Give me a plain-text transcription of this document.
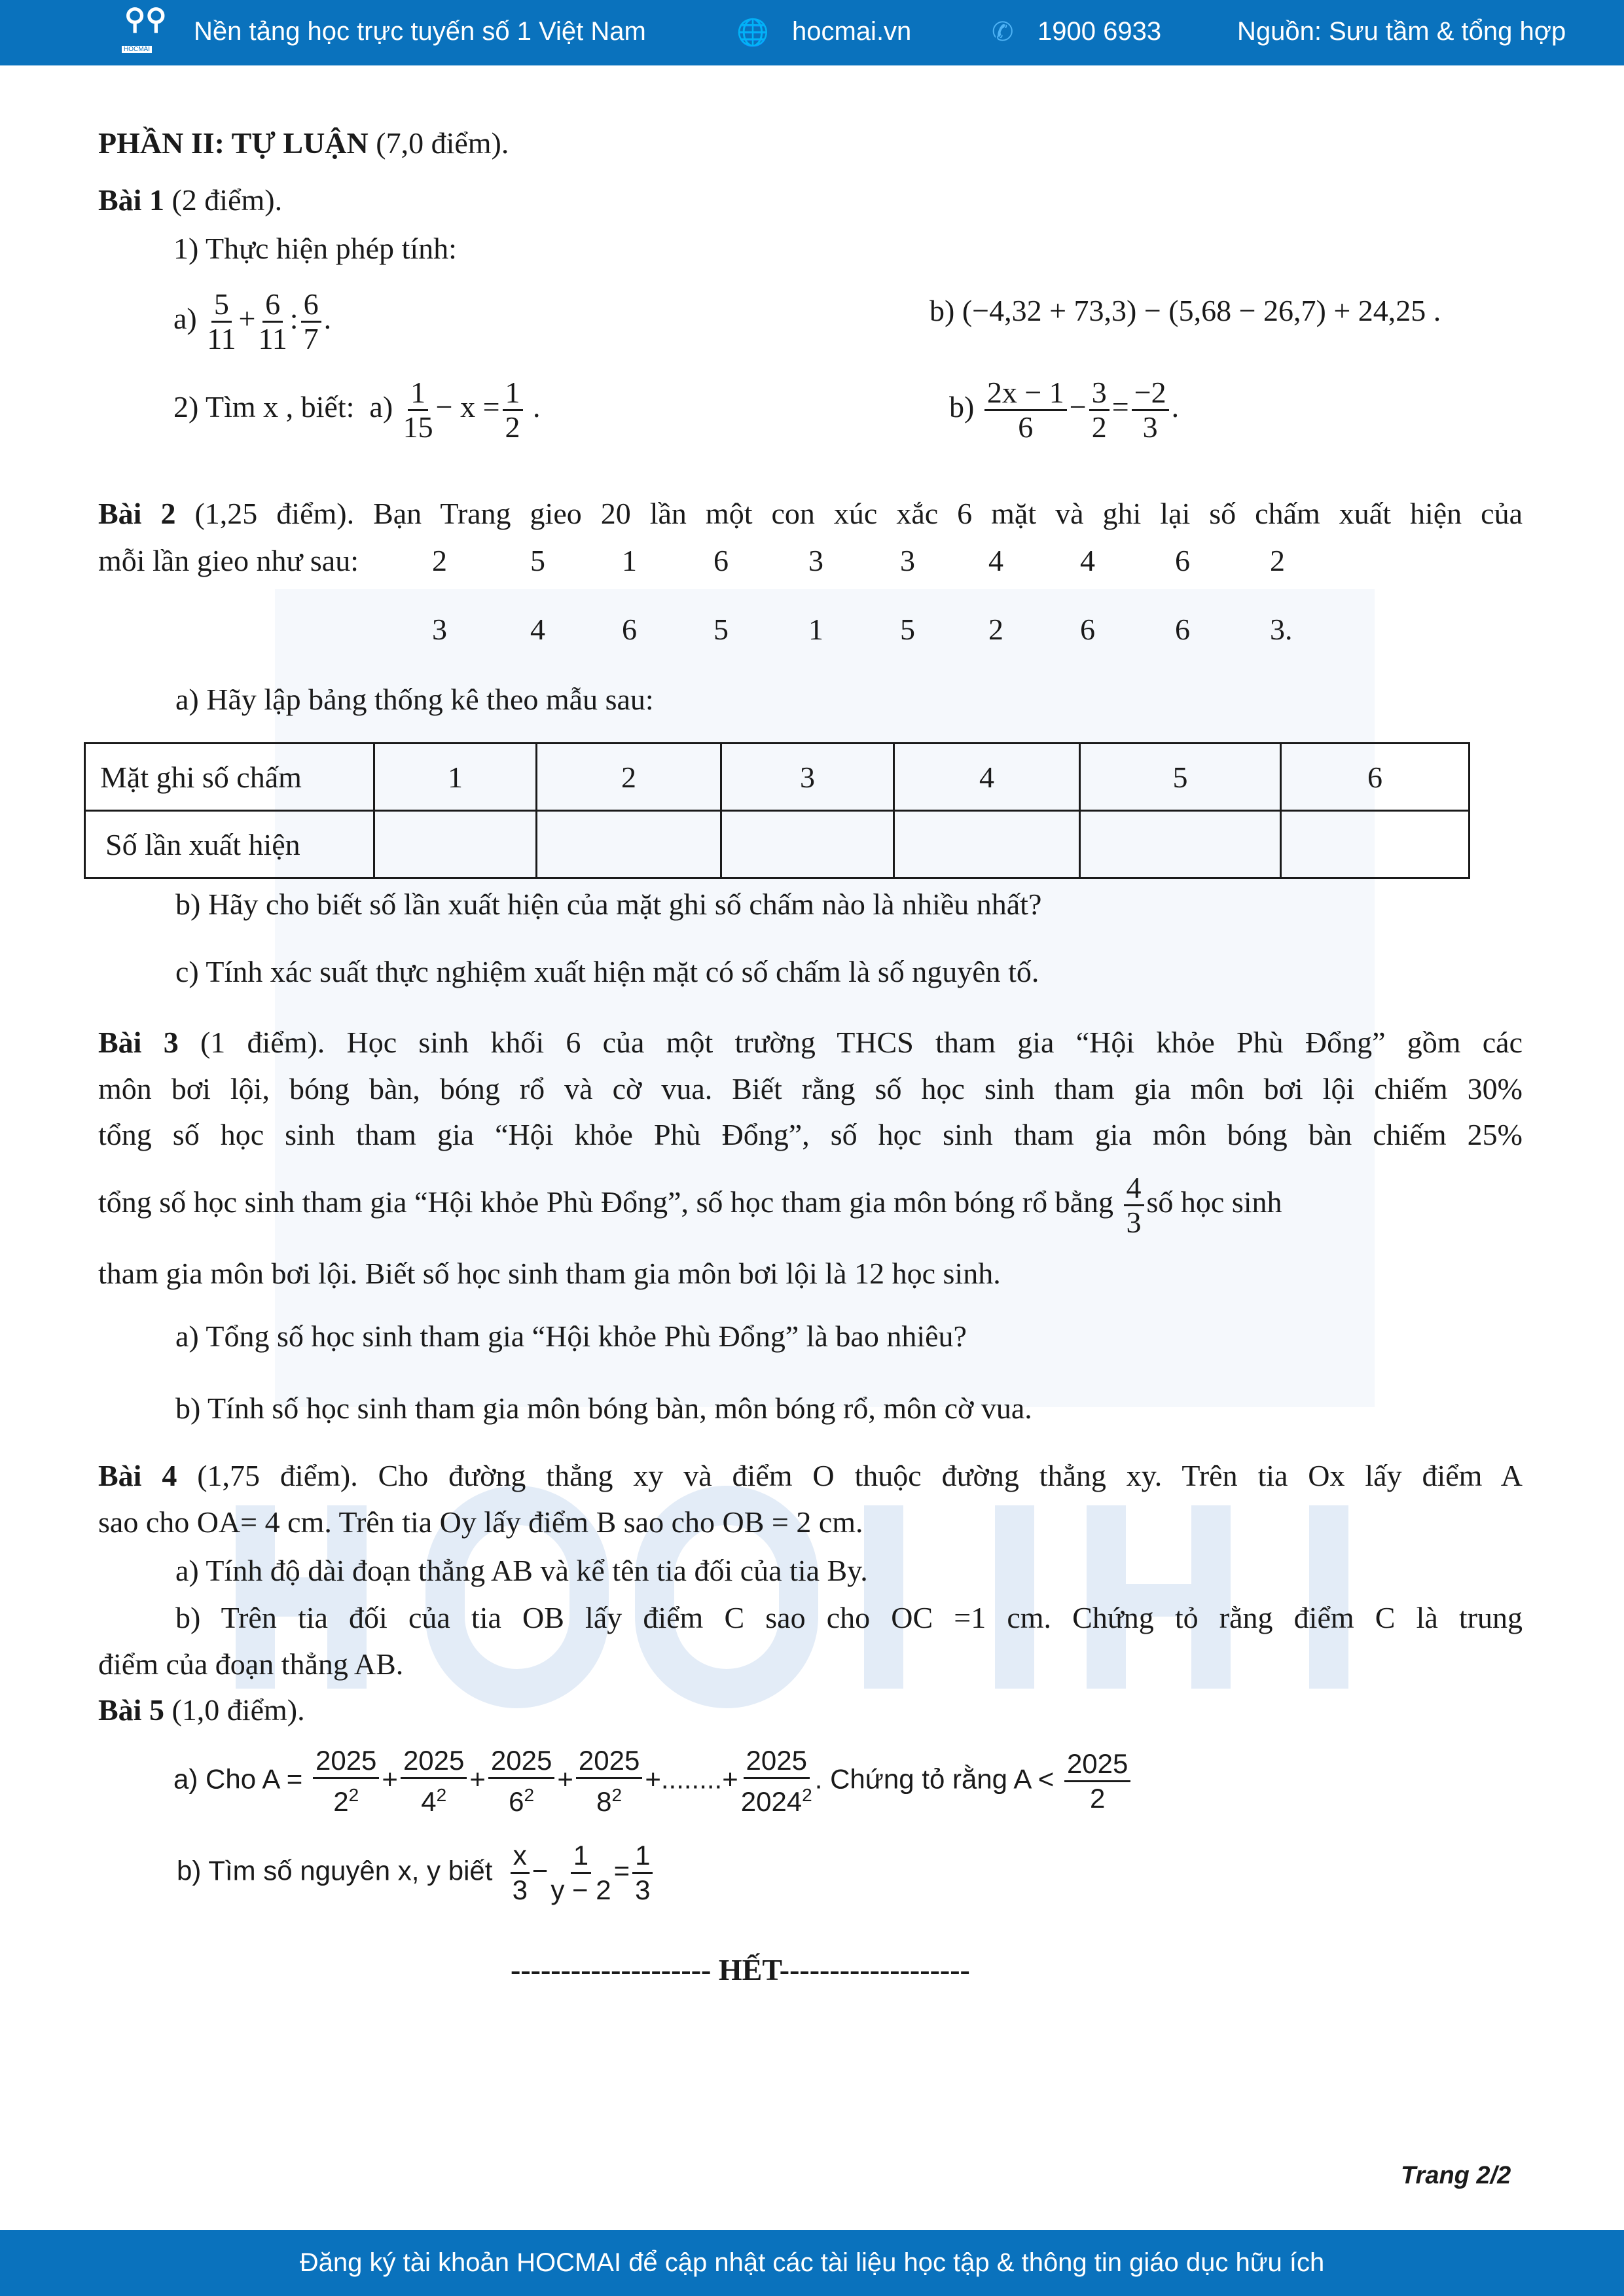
⚲⚲
HOCMAI
Nền tảng học trực tuyến số 1 Việt Nam	🌐 hocmai.vn	✆ 1900 6933	Nguồn: Sưu tầm & tổng hợp
PHẦN II: TỰ LUẬN (7,0 điểm).
Bài 1 (2 điểm).
1) Thực hiện phép tính:
$a) \frac{5}{11} + \frac{6}{11}$ : $\frac{6}{7}$ .	b) (−4,32 + 73,3) − (5,68 − 26,7) + 24,25 .
2) Tìm x , biết: $a) \frac{1}{15} - x = \frac{1}{2}$ .	$b) \frac{2x - 1}{6} - \frac{3}{2} = \frac{-2}{3}$ .
Bài 2 (1,25 điểm). Bạn Trang gieo 20 lần một con xúc xắc 6 mặt và ghi lại số chấm xuất hiện của
mỗi lần gieo như sau: 2	5	1	6	3	3 4	4	6	2
3	4	6	5	1	5 2	6	6	3.
a) Hãy lập bảng thống kê theo mẫu sau:
Mặt ghi số chấm	1	2	3	4	5	6
Số lần xuất hiện						
b) Hãy cho biết số lần xuất hiện của mặt ghi số chấm nào là nhiều nhất?
c) Tính xác suất thực nghiệm xuất hiện mặt có số chấm là số nguyên tố.
Bài 3 (1 điểm). Học sinh khối 6 của một trường THCS tham gia “Hội khỏe Phù Đổng” gồm các
môn bơi lội, bóng bàn, bóng rổ và cờ vua. Biết rằng số học sinh tham gia môn bơi lội chiếm 30%
tổng số học sinh tham gia “Hội khỏe Phù Đổng”, số học sinh tham gia môn bóng bàn chiếm 25%
tổng số học sinh tham gia “Hội khỏe Phù Đổng”, số học tham gia môn bóng rổ bằng $\frac{4}{3}$ số học sinh
tham gia môn bơi lội. Biết số học sinh tham gia môn bơi lội là 12 học sinh.
a) Tổng số học sinh tham gia “Hội khỏe Phù Đổng” là bao nhiêu?
b) Tính số học sinh tham gia môn bóng bàn, môn bóng rổ, môn cờ vua.
Bài 4 (1,75 điểm). Cho đường thẳng xy và điểm O thuộc đường thẳng xy. Trên tia Ox lấy điểm A
sao cho OA= 4 cm. Trên tia Oy lấy điểm B sao cho OB = 2 cm.
a) Tính độ dài đoạn thẳng AB và kể tên tia đối của tia By.
b) Trên tia đối của tia OB lấy điểm C sao cho OC =1 cm. Chứng tỏ rằng điểm C là trung
điểm của đoạn thẳng AB.
Bài 5 (1,0 điểm).
a) Cho $A = \frac{2025}{2^2} + \frac{2025}{4^2} + \frac{2025}{6^2} + \frac{2025}{8^2}$ +........+ $\frac{2025}{2024^2}$ . Chứng tỏ rằng $A < \frac{2025}{2}$
b) Tìm số nguyên x, y biết $\frac{x}{3} - \frac{1}{y - 2} = \frac{1}{3}$
-------------------- HẾT-------------------
Trang 2/2
Đăng ký tài khoản HOCMAI để cập nhật các tài liệu học tập & thông tin giáo dục hữu ích
